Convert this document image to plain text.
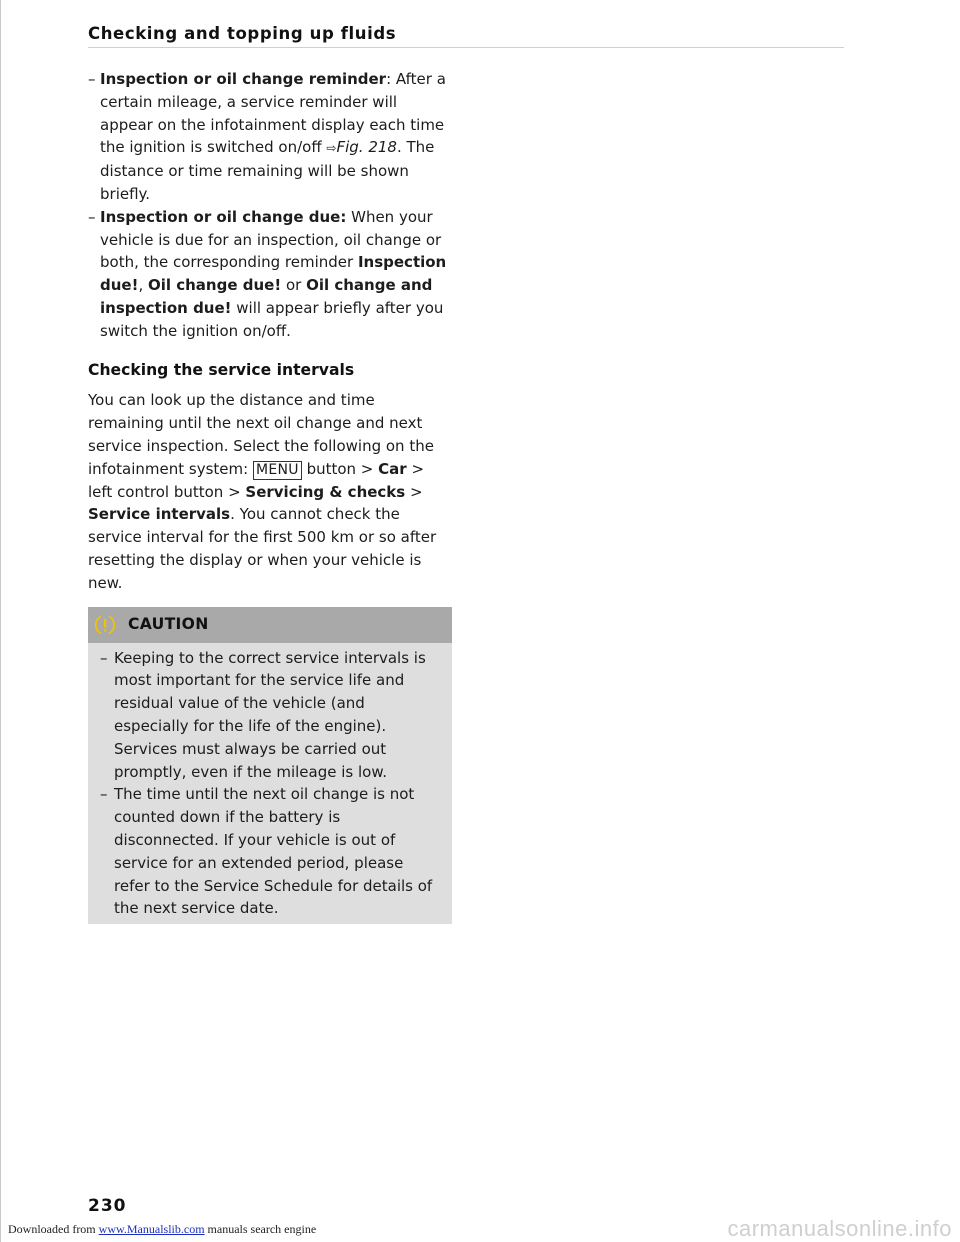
Checking and topping up fluids
– Inspection or oil change reminder: After a certain mileage, a service reminder will appear on the infotainment display each time the ignition is switched on/off ⇨Fig. 218. The distance or time remaining will be shown briefly.
– Inspection or oil change due: When your vehicle is due for an inspection, oil change or both, the corresponding reminder Inspection due!, Oil change due! or Oil change and inspection due! will appear briefly after you switch the ignition on/off.
Checking the service intervals

You can look up the distance and time remaining until the next oil change and next service inspection. Select the following on the infotainment system: MENU button > Car > left control button > Servicing & checks > Service intervals. You cannot check the service interval for the first 500 km or so after resetting the display or when your vehicle is new.

CAUTION
– Keeping to the correct service intervals is most important for the service life and residual value of the vehicle (and especially for the life of the engine). Services must always be carried out promptly, even if the mileage is low.
– The time until the next oil change is not counted down if the battery is disconnected. If your vehicle is out of service for an extended period, please refer to the Service Schedule for details of the next service date.
230
Downloaded from www.Manualslib.com manuals search engine	carmanualsonline.info
